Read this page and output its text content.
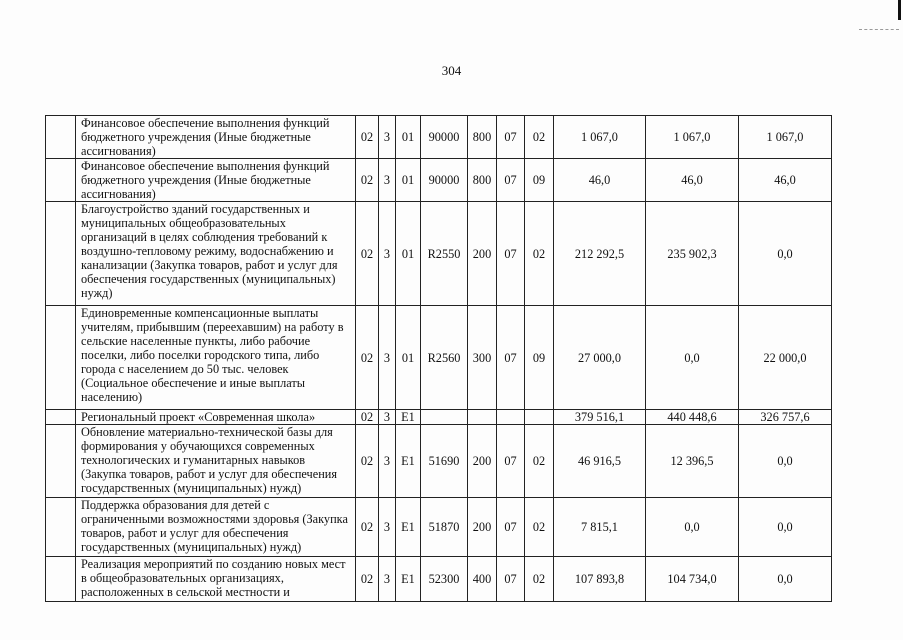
304
	Финансовое обеспечение выполнения функций бюджетного учреждения (Иные бюджетные ассигнования)	02	3	01	90000	800	07	02	1 067,0	1 067,0	1 067,0
	Финансовое обеспечение выполнения функций бюджетного учреждения (Иные бюджетные ассигнования)	02	3	01	90000	800	07	09	46,0	46,0	46,0
	Благоустройство зданий государственных и муниципальных общеобразовательных организаций в целях соблюдения требований к воздушно-тепловому режиму, водоснабжению и канализации (Закупка товаров, работ и услуг для обеспечения государственных (муниципальных) нужд)	02	3	01	R2550	200	07	02	212 292,5	235 902,3	0,0
	Единовременные компенсационные выплаты учителям, прибывшим (переехавшим) на работу в сельские населенные пункты, либо рабочие поселки, либо поселки городского типа, либо города с населением до 50 тыс. человек (Социальное обеспечение и иные выплаты населению)	02	3	01	R2560	300	07	09	27 000,0	0,0	22 000,0
	Региональный проект «Современная школа»	02	3	E1					379 516,1	440 448,6	326 757,6
	Обновление материально-технической базы для формирования у обучающихся современных технологических и гуманитарных навыков (Закупка товаров, работ и услуг для обеспечения государственных (муниципальных) нужд)	02	3	E1	51690	200	07	02	46 916,5	12 396,5	0,0
	Поддержка образования для детей с ограниченными возможностями здоровья (Закупка товаров, работ и услуг для обеспечения государственных (муниципальных) нужд)	02	3	E1	51870	200	07	02	7 815,1	0,0	0,0
	Реализация мероприятий по созданию новых мест в общеобразовательных организациях, расположенных в сельской местности и	02	3	E1	52300	400	07	02	107 893,8	104 734,0	0,0
